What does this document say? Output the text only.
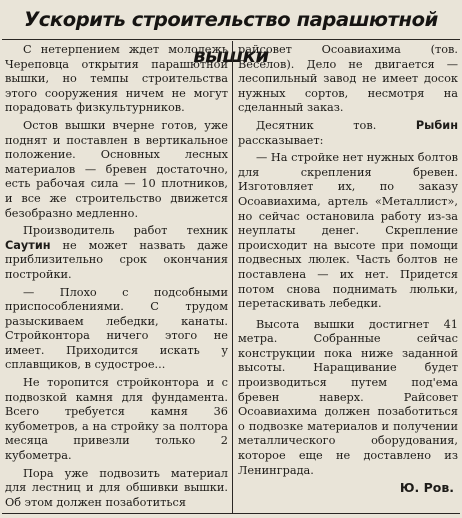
Ускорить строительство парашютной вышки

С нетерпением ждет молодежь Череповца открытия парашютной вышки, но темпы строительства этого сооружения ничем не могут порадовать физкультурников.

Остов вышки вчерне готов, уже поднят и поставлен в вертикальное положение. Основных лесных материалов — бревен достаточно, есть рабочая сила — 10 плотников, и все же строительство движется безобразно медленно.

Производитель работ техник Саутин не может назвать даже приблизительно срок окончания постройки.

— Плохо с подсобными приспособлениями. С трудом разыскиваем лебедки, канаты. Стройконтора ничего этого не имеет. Приходится искать у сплавщиков, в судострое...

Не торопится стройконтора и с подвозкой камня для фундамента. Всего требуется камня 36 кубометров, а на стройку за полтора месяца привезли только 2 кубометра.

Пора уже подвозить материал для лестниц и для обшивки вышки. Об этом должен позаботиться

райсовет Осоавиахима (тов. Веселов). Дело не двигается — лесопильный завод не имеет досок нужных сортов, несмотря на сделанный заказ.

Десятник тов. Рыбин рассказывает:

— На стройке нет нужных болтов для скрепления бревен. Изготовляет их, по заказу Осоавиахима, артель «Металлист», но сейчас остановила работу из-за неуплаты денег. Скрепление происходит на высоте при помощи подвесных люлек. Часть болтов не поставлена — их нет. Придется потом снова поднимать люльки, перетаскивать лебедки.

Высота вышки достигнет 41 метра. Собранные сейчас конструкции пока ниже заданной высоты. Наращивание будет производиться путем под'ема бревен наверх. Райсовет Осоавиахима должен позаботиться о подвозке материалов и получении металлического оборудования, которое еще не доставлено из Ленинграда.

Ю. Ров.
